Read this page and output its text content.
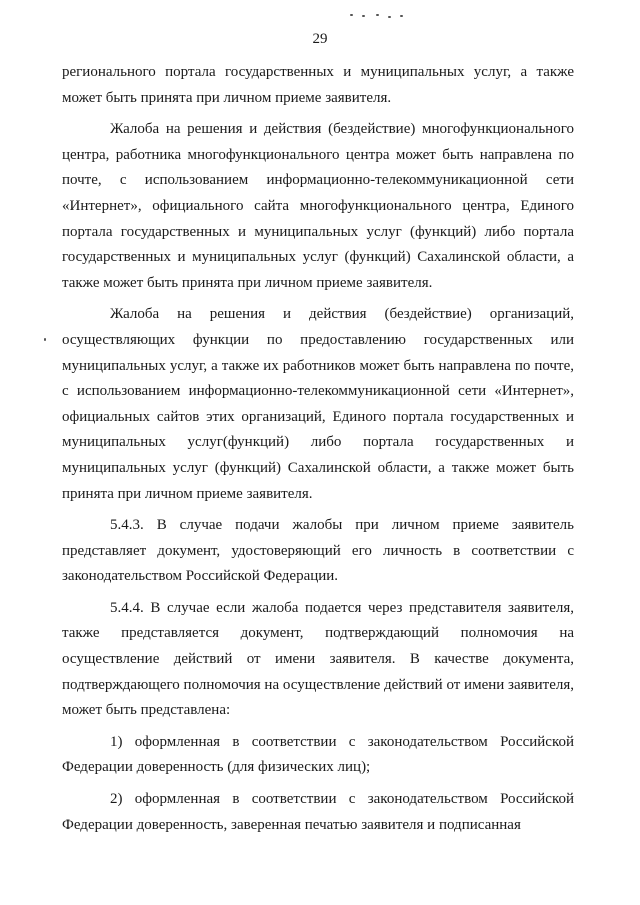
29

регионального портала государственных и муниципальных услуг, а также может быть принята при личном приеме заявителя.

Жалоба на решения и действия (бездействие) многофункционального центра, работника многофункционального центра может быть направлена по почте, с использованием информационно-телекоммуникационной сети «Интернет», официального сайта многофункционального центра, Единого портала государственных и муниципальных услуг (функций) либо портала государственных и муниципальных услуг (функций) Сахалинской области, а также может быть принята при личном приеме заявителя.

Жалоба на решения и действия (бездействие) организаций, осуществляющих функции по предоставлению государственных или муниципальных услуг, а также их работников может быть направлена по почте, с использованием информационно-телекоммуникационной сети «Интернет», официальных сайтов этих организаций, Единого портала государственных и муниципальных услуг(функций) либо портала государственных и муниципальных услуг (функций) Сахалинской области, а также может быть принята при личном приеме заявителя.

5.4.3. В случае подачи жалобы при личном приеме заявитель представляет документ, удостоверяющий его личность в соответствии с законодательством Российской Федерации.

5.4.4. В случае если жалоба подается через представителя заявителя, также представляется документ, подтверждающий полномочия на осуществление действий от имени заявителя. В качестве документа, подтверждающего полномочия на осуществление действий от имени заявителя, может быть представлена:

1) оформленная в соответствии с законодательством Российской Федерации доверенность (для физических лиц);

2) оформленная в соответствии с законодательством Российской Федерации доверенность, заверенная печатью заявителя и подписанная
